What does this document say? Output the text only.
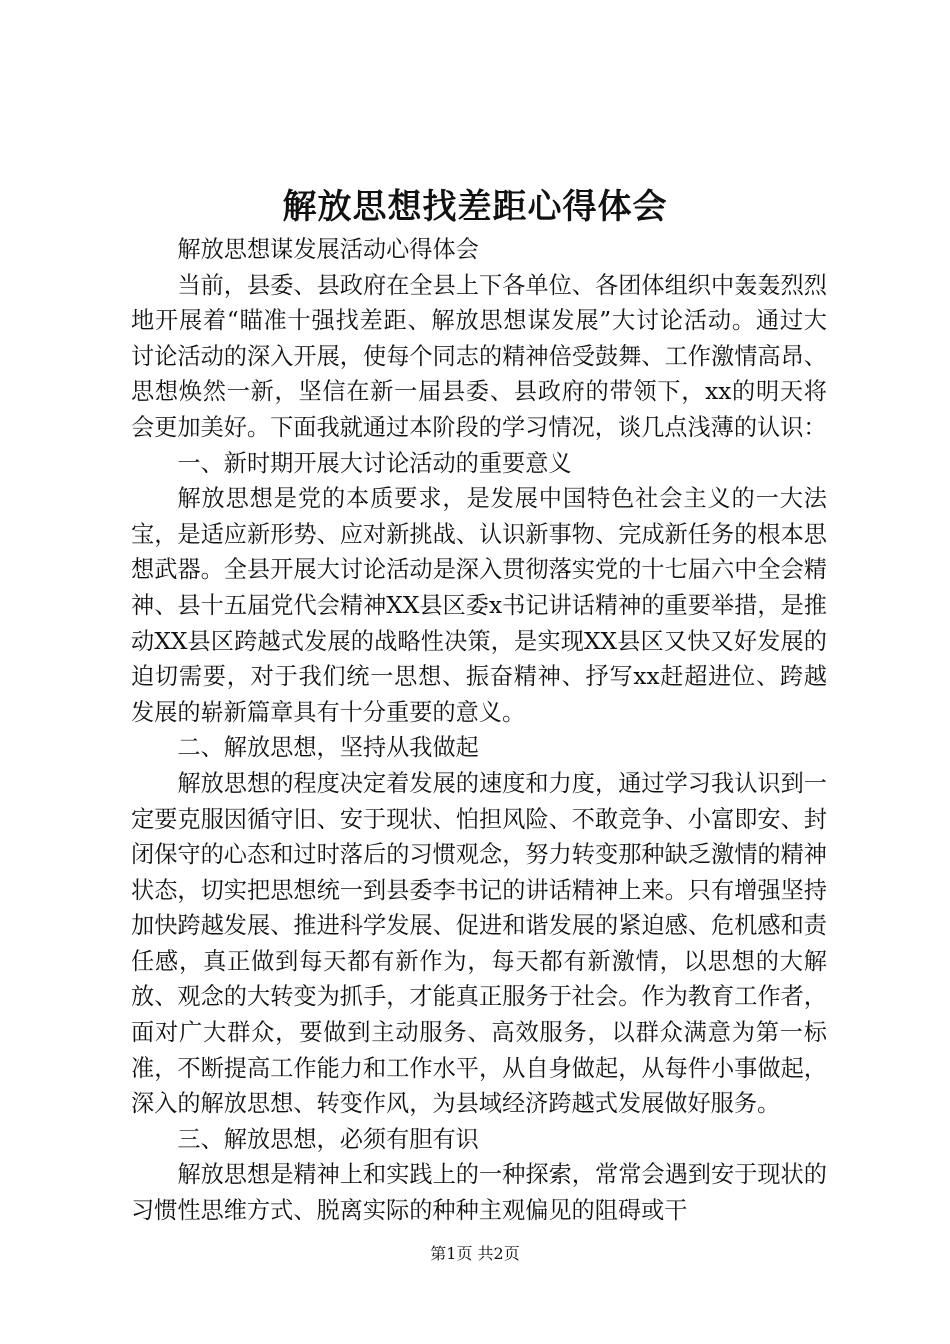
解放思想找差距心得体会

解放思想谋发展活动心得体会

当前，县委、县政府在全县上下各单位、各团体组织中轰轰烈烈地开展着“瞄准十强找差距、解放思想谋发展”大讨论活动。通过大讨论活动的深入开展，使每个同志的精神倍受鼓舞、工作激情高昂、思想焕然一新，坚信在新一届县委、县政府的带领下，xx的明天将会更加美好。下面我就通过本阶段的学习情况，谈几点浅薄的认识：

一、新时期开展大讨论活动的重要意义

解放思想是党的本质要求，是发展中国特色社会主义的一大法宝，是适应新形势、应对新挑战、认识新事物、完成新任务的根本思想武器。全县开展大讨论活动是深入贯彻落实党的十七届六中全会精神、县十五届党代会精神XX县区委x书记讲话精神的重要举措，是推动XX县区跨越式发展的战略性决策，是实现XX县区又快又好发展的迫切需要，对于我们统一思想、振奋精神、抒写xx赶超进位、跨越发展的崭新篇章具有十分重要的意义。

二、解放思想，坚持从我做起

解放思想的程度决定着发展的速度和力度，通过学习我认识到一定要克服因循守旧、安于现状、怕担风险、不敢竞争、小富即安、封闭保守的心态和过时落后的习惯观念，努力转变那种缺乏激情的精神状态，切实把思想统一到县委李书记的讲话精神上来。只有增强坚持加快跨越发展、推进科学发展、促进和谐发展的紧迫感、危机感和责任感，真正做到每天都有新作为，每天都有新激情，以思想的大解放、观念的大转变为抓手，才能真正服务于社会。作为教育工作者，面对广大群众，要做到主动服务、高效服务，以群众满意为第一标准，不断提高工作能力和工作水平，从自身做起，从每件小事做起，深入的解放思想、转变作风，为县域经济跨越式发展做好服务。

三、解放思想，必须有胆有识

解放思想是精神上和实践上的一种探索，常常会遇到安于现状的习惯性思维方式、脱离实际的种种主观偏见的阻碍或干

第1页 共2页
